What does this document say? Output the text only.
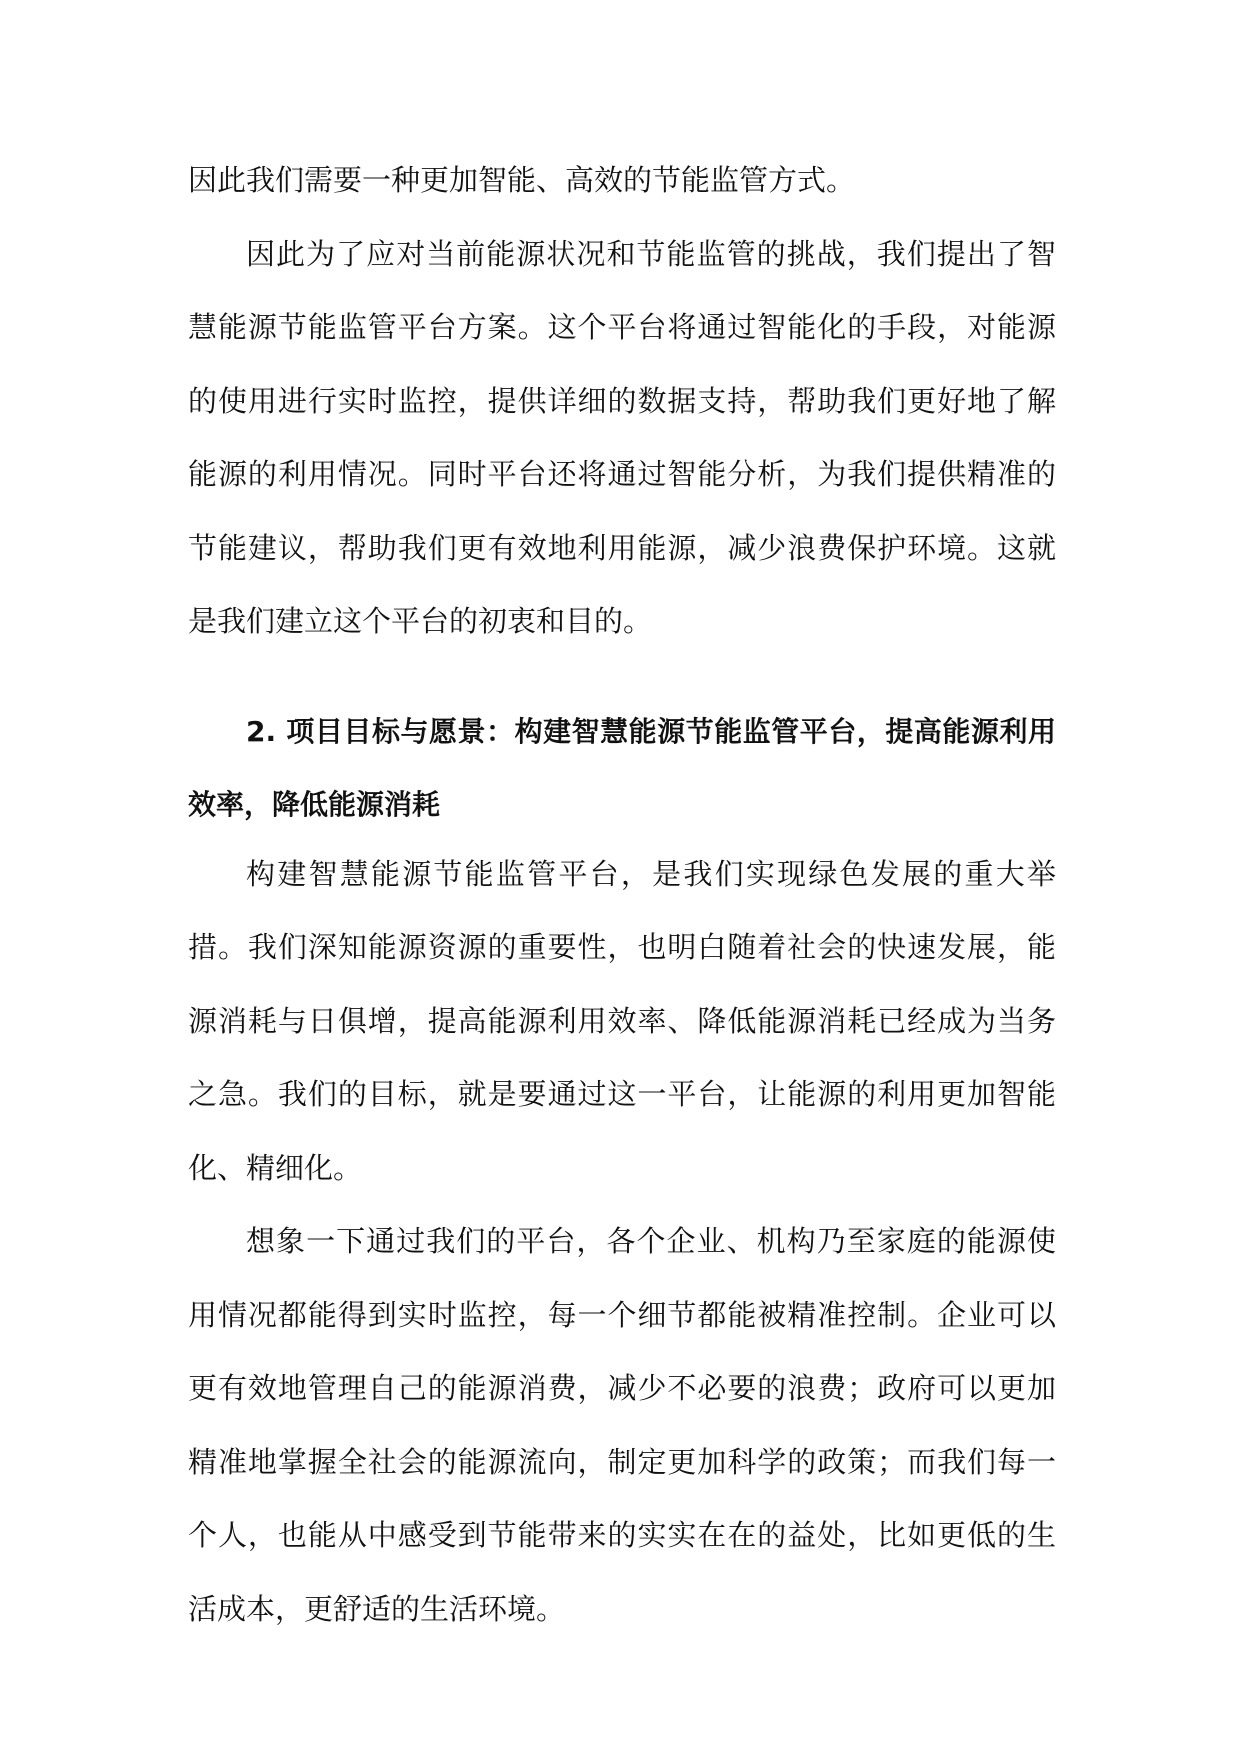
因此我们需要一种更加智能、高效的节能监管方式。

因此为了应对当前能源状况和节能监管的挑战，我们提出了智慧能源节能监管平台方案。这个平台将通过智能化的手段，对能源的使用进行实时监控，提供详细的数据支持，帮助我们更好地了解能源的利用情况。同时平台还将通过智能分析，为我们提供精准的节能建议，帮助我们更有效地利用能源，减少浪费保护环境。这就是我们建立这个平台的初衷和目的。

2. 项目目标与愿景：构建智慧能源节能监管平台，提高能源利用效率，降低能源消耗

构建智慧能源节能监管平台，是我们实现绿色发展的重大举措。我们深知能源资源的重要性，也明白随着社会的快速发展，能源消耗与日俱增，提高能源利用效率、降低能源消耗已经成为当务之急。我们的目标，就是要通过这一平台，让能源的利用更加智能化、精细化。

想象一下通过我们的平台，各个企业、机构乃至家庭的能源使用情况都能得到实时监控，每一个细节都能被精准控制。企业可以更有效地管理自己的能源消费，减少不必要的浪费；政府可以更加精准地掌握全社会的能源流向，制定更加科学的政策；而我们每一个人，也能从中感受到节能带来的实实在在的益处，比如更低的生活成本，更舒适的生活环境。
